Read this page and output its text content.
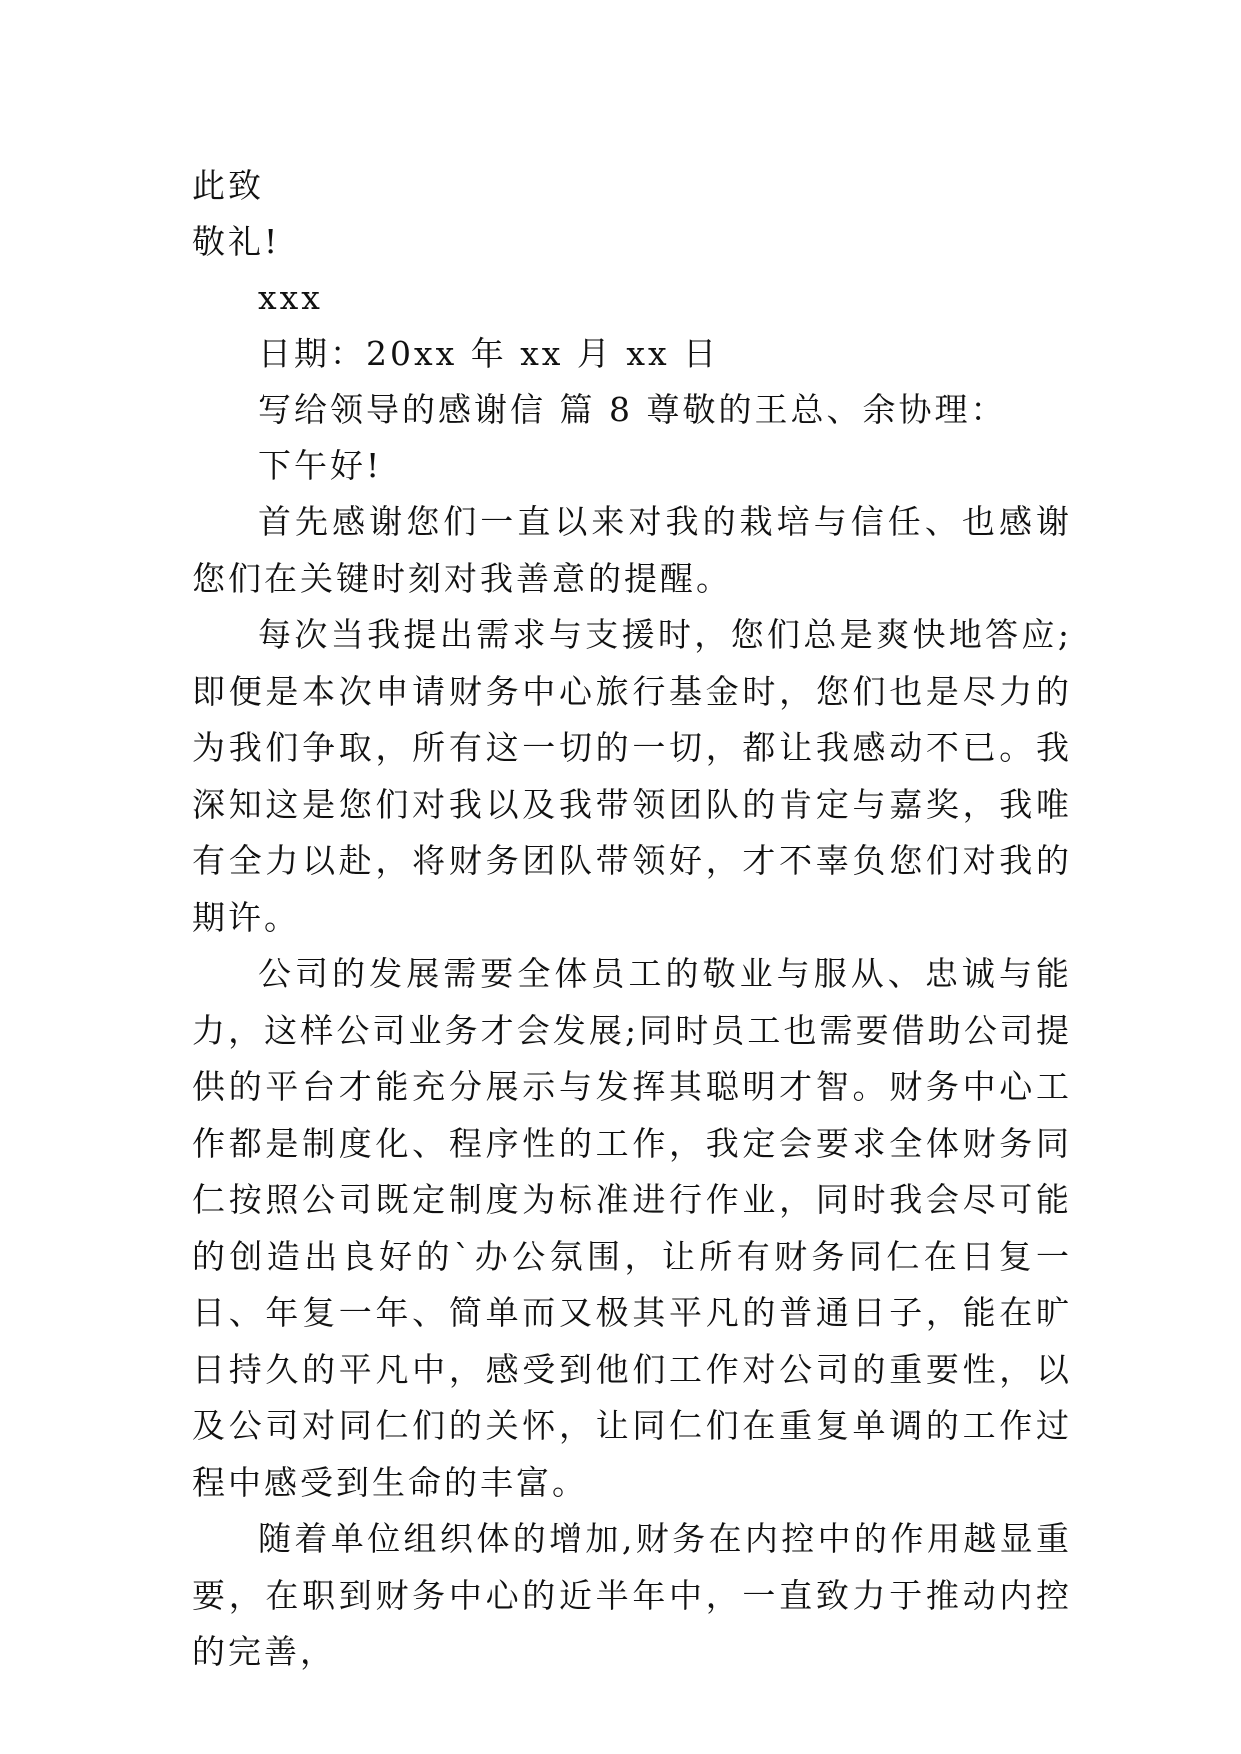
此致
敬礼!
xxx
日期：20xx 年 xx 月 xx 日
写给领导的感谢信 篇 8 尊敬的王总、余协理：
下午好!

首先感谢您们一直以来对我的栽培与信任、也感谢您们在关键时刻对我善意的提醒。

每次当我提出需求与支援时，您们总是爽快地答应;即便是本次申请财务中心旅行基金时，您们也是尽力的为我们争取，所有这一切的一切，都让我感动不已。我深知这是您们对我以及我带领团队的肯定与嘉奖，我唯有全力以赴，将财务团队带领好，才不辜负您们对我的期许。

公司的发展需要全体员工的敬业与服从、忠诚与能力，这样公司业务才会发展;同时员工也需要借助公司提供的平台才能充分展示与发挥其聪明才智。财务中心工作都是制度化、程序性的工作，我定会要求全体财务同仁按照公司既定制度为标准进行作业，同时我会尽可能的创造出良好的`办公氛围，让所有财务同仁在日复一日、年复一年、简单而又极其平凡的普通日子，能在旷日持久的平凡中，感受到他们工作对公司的重要性，以及公司对同仁们的关怀，让同仁们在重复单调的工作过程中感受到生命的丰富。

随着单位组织体的增加,财务在内控中的作用越显重要，在职到财务中心的近半年中，一直致力于推动内控的完善，
